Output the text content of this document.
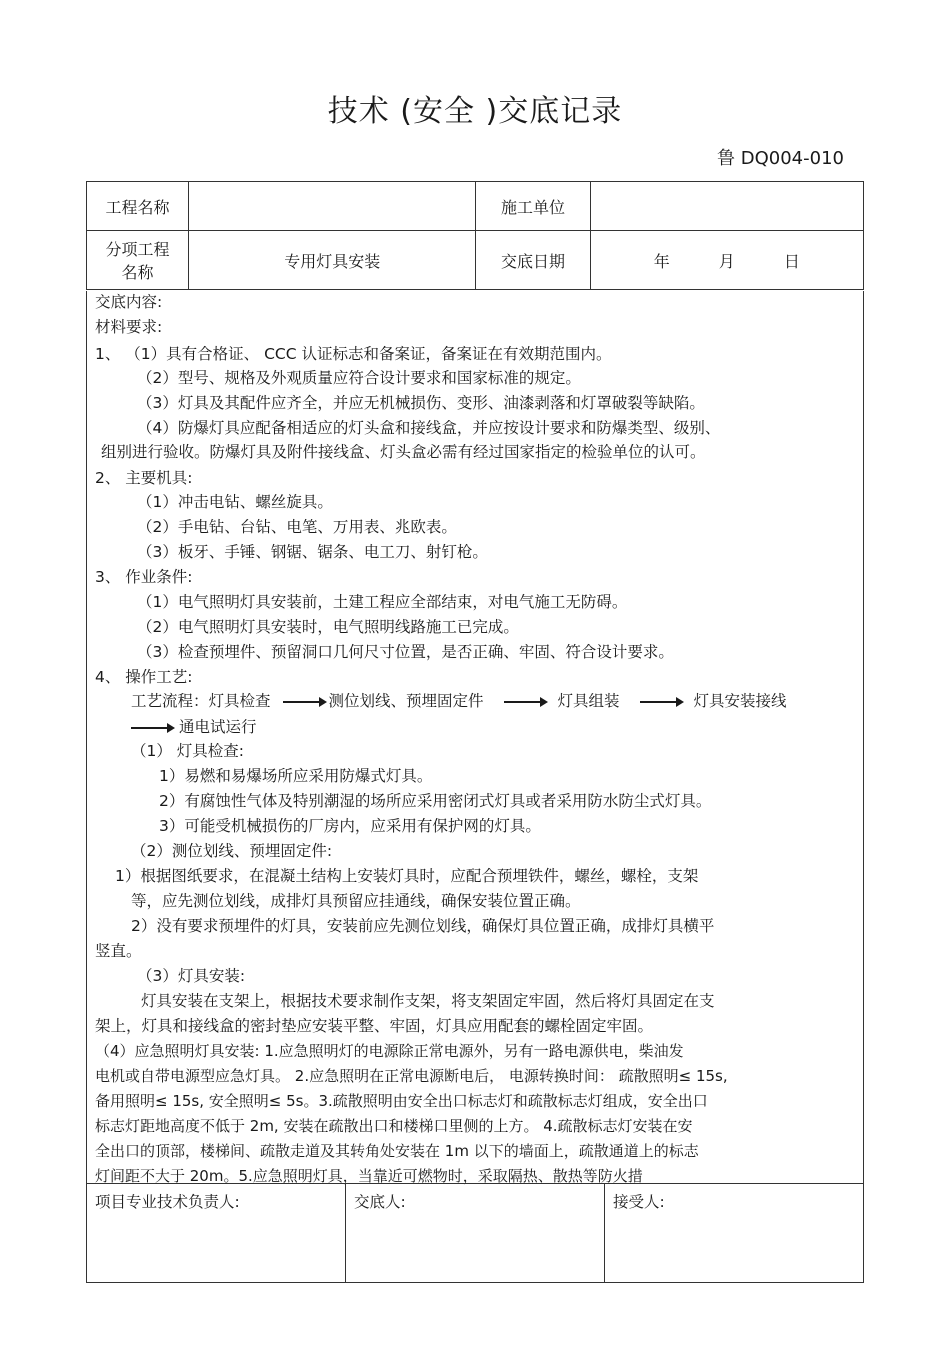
技术 (安全 )交底记录
鲁 DQ004-010
工程名称		施工单位	

分项工程
名称	专用灯具安装	交底日期	年 月 日
交底内容:
材料要求:
1、 （1）具有合格证、 CCC 认证标志和备案证，备案证在有效期范围内。
（2）型号、规格及外观质量应符合设计要求和国家标准的规定。
（3）灯具及其配件应齐全，并应无机械损伤、变形、油漆剥落和灯罩破裂等缺陷。
（4）防爆灯具应配备相适应的灯头盒和接线盒，并应按设计要求和防爆类型、级别、
组别进行验收。防爆灯具及附件接线盒、灯头盒必需有经过国家指定的检验单位的认可。
2、 主要机具:
（1）冲击电钻、螺丝旋具。
（2）手电钻、台钻、电笔、万用表、兆欧表。
（3）板牙、手锤、钢锯、锯条、电工刀、射钉枪。
3、 作业条件:
（1）电气照明灯具安装前，土建工程应全部结束，对电气施工无防碍。
（2）电气照明灯具安装时，电气照明线路施工已完成。
（3）检查预埋件、预留洞口几何尺寸位置，是否正确、牢固、符合设计要求。
4、 操作工艺:
工艺流程：灯具检查	测位划线、预埋固定件	灯具组装	灯具安装接线
通电试运行
（1） 灯具检查:
1）易燃和易爆场所应采用防爆式灯具。
2）有腐蚀性气体及特别潮湿的场所应采用密闭式灯具或者采用防水防尘式灯具。
3）可能受机械损伤的厂房内，应采用有保护网的灯具。
（2）测位划线、预埋固定件:
1）根据图纸要求，在混凝土结构上安装灯具时，应配合预埋铁件，螺丝，螺栓，支架
等，应先测位划线，成排灯具预留应挂通线，确保安装位置正确。
2）没有要求预埋件的灯具，安装前应先测位划线，确保灯具位置正确，成排灯具横平
竖直。
（3）灯具安装:
灯具安装在支架上，根据技术要求制作支架，将支架固定牢固，然后将灯具固定在支
架上，灯具和接线盒的密封垫应安装平整、牢固，灯具应用配套的螺栓固定牢固。
（4）应急照明灯具安装: 1.应急照明灯的电源除正常电源外，另有一路电源供电，柴油发
电机或自带电源型应急灯具。 2.应急照明在正常电源断电后， 电源转换时间： 疏散照明≤ 15s,
备用照明≤ 15s, 安全照明≤ 5s。3.疏散照明由安全出口标志灯和疏散标志灯组成，安全出口
标志灯距地高度不低于 2m, 安装在疏散出口和楼梯口里侧的上方。 4.疏散标志灯安装在安
全出口的顶部，楼梯间、疏散走道及其转角处安装在 1m 以下的墙面上，疏散通道上的标志
灯间距不大于 20m。5.应急照明灯具，当靠近可燃物时，采取隔热、散热等防火措
项目专业技术负责人:	交底人:	接受人:
